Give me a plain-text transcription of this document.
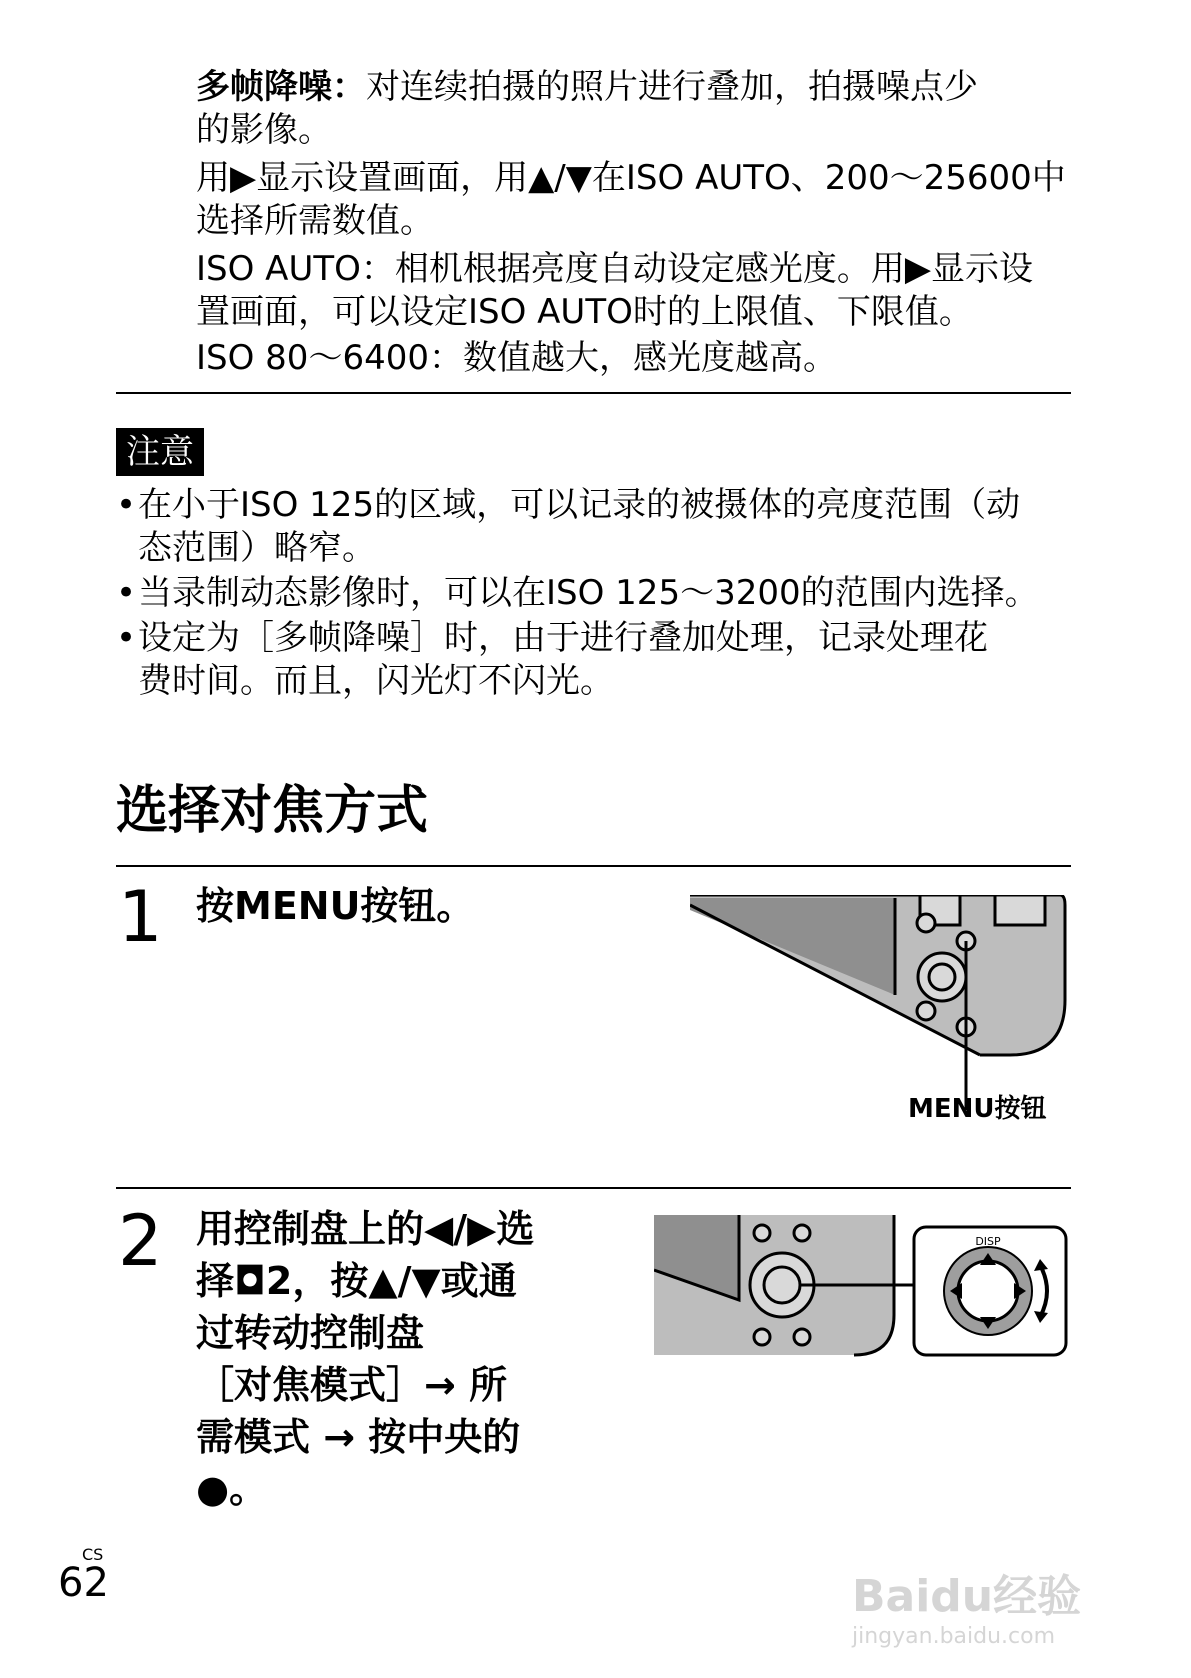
多帧降噪：对连续拍摄的照片进行叠加，拍摄噪点少
的影像。
用▶显示设置画面，用▲/▼在ISO AUTO、200～25600中
选择所需数值。
ISO AUTO：相机根据亮度自动设定感光度。用▶显示设
置画面，可以设定ISO AUTO时的上限值、下限值。
ISO 80～6400：数值越大，感光度越高。
注意
• 在小于ISO 125的区域，可以记录的被摄体的亮度范围（动
态范围）略窄。
• 当录制动态影像时，可以在ISO 125～3200的范围内选择。
• 设定为［多帧降噪］时，由于进行叠加处理，记录处理花
费时间。而且，闪光灯不闪光。
选择对焦方式
1 按MENU按钮。
MENU按钮
2 用控制盘上的◀/▶选
择◘2，按▲/▼或通
过转动控制盘
［对焦模式］→ 所
需模式 → 按中央的
●。
DISP
CS
62	Baidu经验
jingyan.baidu.com
